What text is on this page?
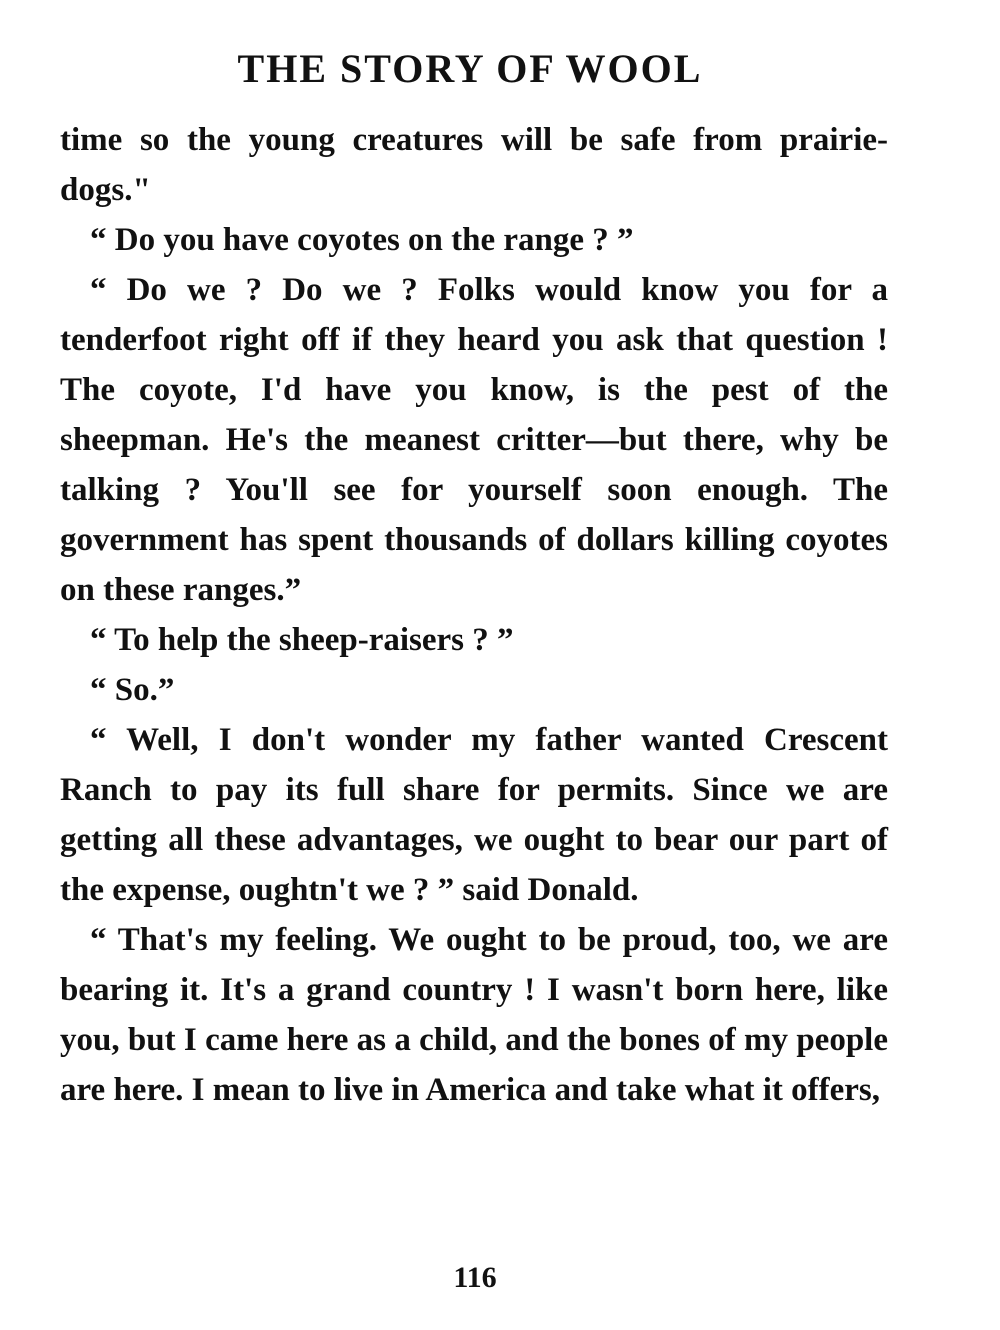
THE STORY OF WOOL

time so the young creatures will be safe from prairie-dogs."

“ Do you have coyotes on the range ? ”

“ Do we ? Do we ? Folks would know you for a tenderfoot right off if they heard you ask that question ! The coyote, I'd have you know, is the pest of the sheepman. He's the meanest critter—but there, why be talking ? You'll see for yourself soon enough. The government has spent thousands of dollars killing coyotes on these ranges.”

“ To help the sheep-raisers ? ”

“ So.”

“ Well, I don't wonder my father wanted Crescent Ranch to pay its full share for permits. Since we are getting all these advantages, we ought to bear our part of the expense, oughtn't we ? ” said Donald.

“ That's my feeling. We ought to be proud, too, we are bearing it. It's a grand country ! I wasn't born here, like you, but I came here as a child, and the bones of my people are here. I mean to live in America and take what it offers,

116
